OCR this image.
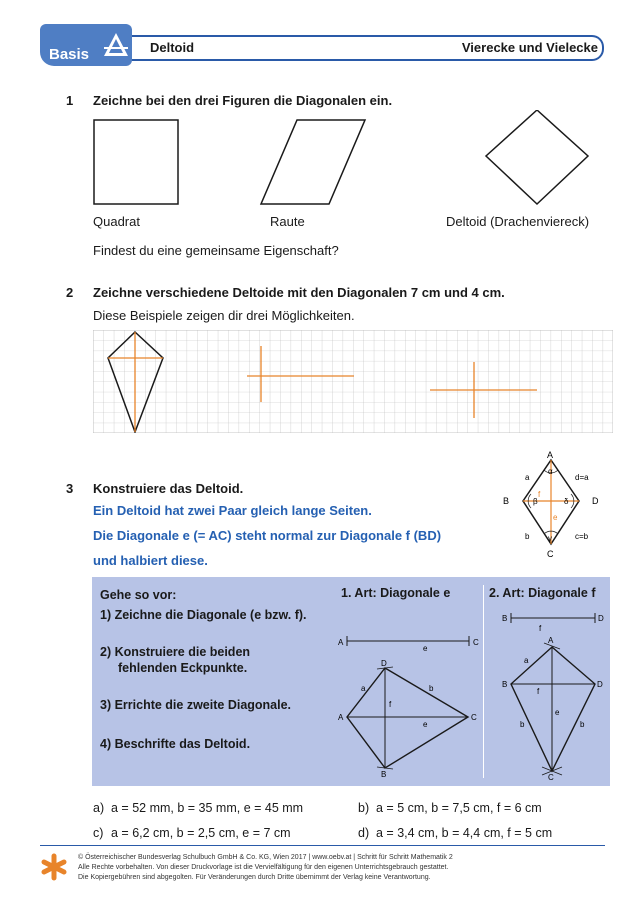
Basis	Deltoid	Vierecke und Vielecke
1 Zeichne bei den drei Figuren die Diagonalen ein.
Quadrat	Raute	Deltoid (Drachenviereck)
Findest du eine gemeinsame Eigenschaft?
2 Zeichne verschiedene Deltoide mit den Diagonalen 7 cm und 4 cm.
Diese Beispiele zeigen dir drei Möglichkeiten.
3 Konstruiere das Deltoid.
Ein Deltoid hat zwei Paar gleich lange Seiten.
Die Diagonale e (= AC) steht normal zur Diagonale f (BD)
und halbiert diese.
A
B
C
D
a
b	c=b
d=a
f
e
α
β
γ
δ
Gehe so vor:
1) Zeichne die Diagonale (e bzw. f).
2) Konstruiere die beiden
fehlenden Eckpunkte.
3) Errichte die zweite Diagonale.
4) Beschrifte das Deltoid.
1. Art: Diagonale e	2. Art: Diagonale f
A	C
e
D
B
A	C
a	b
f
e
B	D
f
A
C
B	D
a
b	b
e
f
a) a = 52 mm, b = 35 mm, e = 45 mm	b) a = 5 cm, b = 7,5 cm, f = 6 cm
c) a = 6,2 cm, b = 2,5 cm, e = 7 cm	d) a = 3,4 cm, b = 4,4 cm, f = 5 cm
© Österreichischer Bundesverlag Schulbuch GmbH & Co. KG, Wien 2017 | www.oebv.at | Schritt für Schritt Mathematik 2
Alle Rechte vorbehalten. Von dieser Druckvorlage ist die Vervielfältigung für den eigenen Unterrichtsgebrauch gestattet.
Die Kopiergebühren sind abgegolten. Für Veränderungen durch Dritte übernimmt der Verlag keine Verantwortung.
